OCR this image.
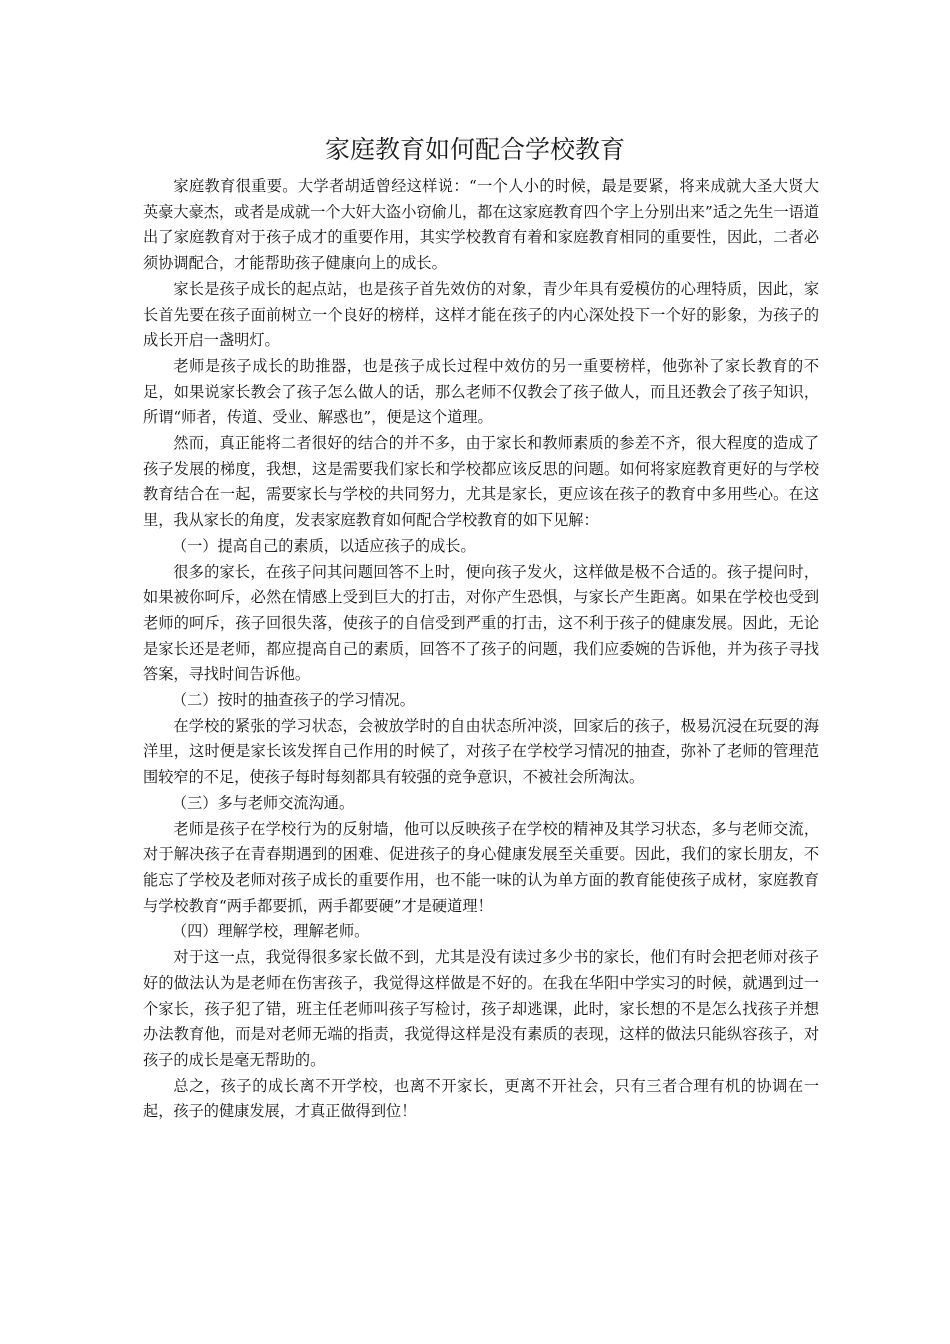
家庭教育如何配合学校教育

家庭教育很重要。大学者胡适曾经这样说：“一个人小的时候，最是要紧，将来成就大圣大贤大英豪大豪杰，或者是成就一个大奸大盗小窃偷儿，都在这家庭教育四个字上分别出来”适之先生一语道出了家庭教育对于孩子成才的重要作用，其实学校教育有着和家庭教育相同的重要性，因此，二者必须协调配合，才能帮助孩子健康向上的成长。

家长是孩子成长的起点站，也是孩子首先效仿的对象，青少年具有爱模仿的心理特质，因此，家长首先要在孩子面前树立一个良好的榜样，这样才能在孩子的内心深处投下一个好的影象，为孩子的成长开启一盏明灯。

老师是孩子成长的助推器，也是孩子成长过程中效仿的另一重要榜样，他弥补了家长教育的不足，如果说家长教会了孩子怎么做人的话，那么老师不仅教会了孩子做人，而且还教会了孩子知识，所谓“师者，传道、受业、解惑也”，便是这个道理。

然而，真正能将二者很好的结合的并不多，由于家长和教师素质的参差不齐，很大程度的造成了孩子发展的梯度，我想，这是需要我们家长和学校都应该反思的问题。如何将家庭教育更好的与学校教育结合在一起，需要家长与学校的共同努力，尤其是家长，更应该在孩子的教育中多用些心。在这里，我从家长的角度，发表家庭教育如何配合学校教育的如下见解：

（一）提高自己的素质，以适应孩子的成长。

很多的家长，在孩子问其问题回答不上时，便向孩子发火，这样做是极不合适的。孩子提问时，如果被你呵斥，必然在情感上受到巨大的打击，对你产生恐惧，与家长产生距离。如果在学校也受到老师的呵斥，孩子回很失落，使孩子的自信受到严重的打击，这不利于孩子的健康发展。因此，无论是家长还是老师，都应提高自己的素质，回答不了孩子的问题，我们应委婉的告诉他，并为孩子寻找答案，寻找时间告诉他。

（二）按时的抽查孩子的学习情况。

在学校的紧张的学习状态，会被放学时的自由状态所冲淡，回家后的孩子，极易沉浸在玩耍的海洋里，这时便是家长该发挥自己作用的时候了，对孩子在学校学习情况的抽查，弥补了老师的管理范围较窄的不足，使孩子每时每刻都具有较强的竞争意识，不被社会所淘汰。

（三）多与老师交流沟通。

老师是孩子在学校行为的反射墙，他可以反映孩子在学校的精神及其学习状态，多与老师交流，对于解决孩子在青春期遇到的困难、促进孩子的身心健康发展至关重要。因此，我们的家长朋友，不能忘了学校及老师对孩子成长的重要作用，也不能一味的认为单方面的教育能使孩子成材，家庭教育与学校教育“两手都要抓，两手都要硬”才是硬道理！

（四）理解学校，理解老师。

对于这一点，我觉得很多家长做不到，尤其是没有读过多少书的家长，他们有时会把老师对孩子好的做法认为是老师在伤害孩子，我觉得这样做是不好的。在我在华阳中学实习的时候，就遇到过一个家长，孩子犯了错，班主任老师叫孩子写检讨，孩子却逃课，此时，家长想的不是怎么找孩子并想办法教育他，而是对老师无端的指责，我觉得这样是没有素质的表现，这样的做法只能纵容孩子，对孩子的成长是毫无帮助的。

总之，孩子的成长离不开学校，也离不开家长，更离不开社会，只有三者合理有机的协调在一起，孩子的健康发展，才真正做得到位！
